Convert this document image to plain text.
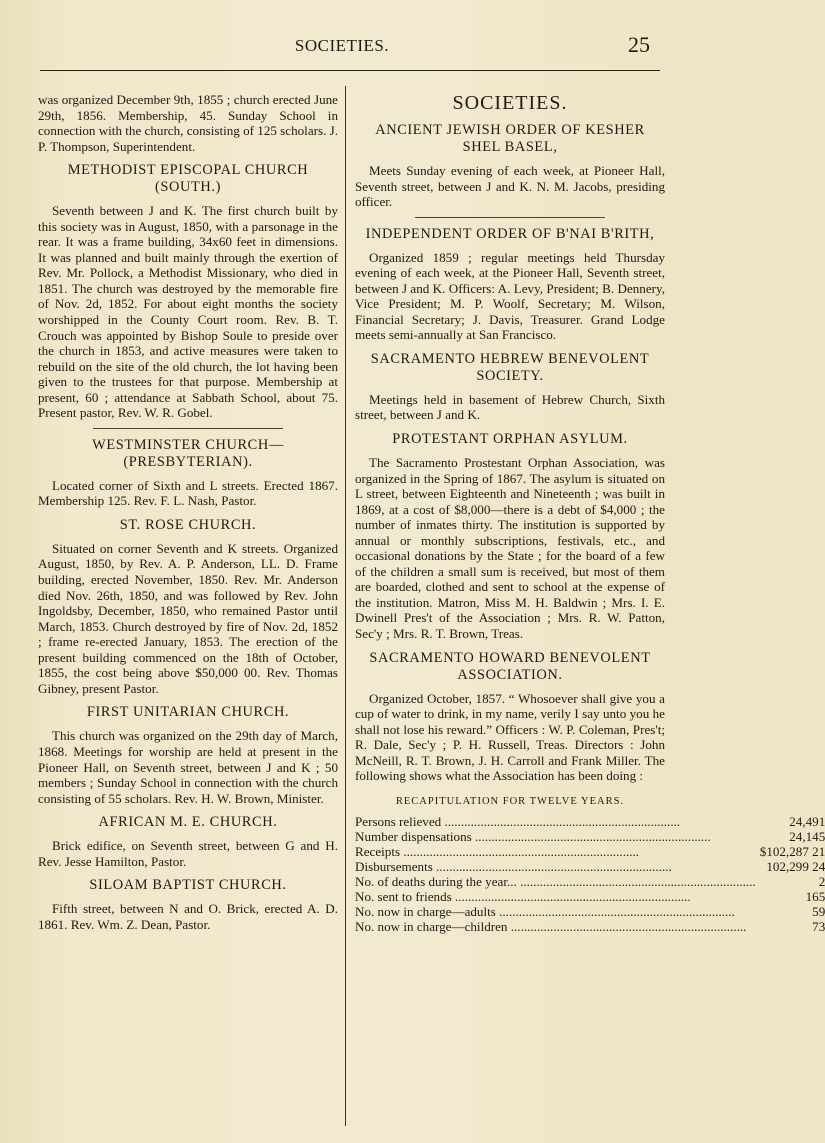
SOCIETIES.	25

was organized December 9th, 1855 ; church erected June 29th, 1856. Membership, 45. Sunday School in connection with the church, consisting of 125 scholars. J. P. Thompson, Superintendent.

METHODIST EPISCOPAL CHURCH (SOUTH.)

Seventh between J and K. The first church built by this society was in August, 1850, with a parsonage in the rear. It was a frame building, 34x60 feet in dimensions. It was planned and built mainly through the exertion of Rev. Mr. Pollock, a Methodist Missionary, who died in 1851. The church was destroyed by the memorable fire of Nov. 2d, 1852. For about eight months the society worshipped in the County Court room. Rev. B. T. Crouch was appointed by Bishop Soule to preside over the church in 1853, and active measures were taken to rebuild on the site of the old church, the lot having been given to the trustees for that purpose. Membership at present, 60 ; attendance at Sabbath School, about 75. Present pastor, Rev. W. R. Gobel.

WESTMINSTER CHURCH—(PRESBYTERIAN).

Located corner of Sixth and L streets. Erected 1867. Membership 125. Rev. F. L. Nash, Pastor.

ST. ROSE CHURCH.

Situated on corner Seventh and K streets. Organized August, 1850, by Rev. A. P. Anderson, LL. D. Frame building, erected November, 1850. Rev. Mr. Anderson died Nov. 26th, 1850, and was followed by Rev. John Ingoldsby, December, 1850, who remained Pastor until March, 1853. Church destroyed by fire of Nov. 2d, 1852 ; frame re-erected January, 1853. The erection of the present building commenced on the 18th of October, 1855, the cost being above $50,000 00. Rev. Thomas Gibney, present Pastor.

FIRST UNITARIAN CHURCH.

This church was organized on the 29th day of March, 1868. Meetings for worship are held at present in the Pioneer Hall, on Seventh street, between J and K ; 50 members ; Sunday School in connection with the church consisting of 55 scholars. Rev. H. W. Brown, Minister.

AFRICAN M. E. CHURCH.

Brick edifice, on Seventh street, between G and H. Rev. Jesse Hamilton, Pastor.

SILOAM BAPTIST CHURCH.

Fifth street, between N and O. Brick, erected A. D. 1861. Rev. Wm. Z. Dean, Pastor.

SOCIETIES.
ANCIENT JEWISH ORDER OF KESHER SHEL BASEL,

Meets Sunday evening of each week, at Pioneer Hall, Seventh street, between J and K. N. M. Jacobs, presiding officer.

INDEPENDENT ORDER OF B'NAI B'RITH,

Organized 1859 ; regular meetings held Thursday evening of each week, at the Pioneer Hall, Seventh street, between J and K. Officers: A. Levy, President; B. Dennery, Vice President; M. P. Woolf, Secretary; M. Wilson, Financial Secretary; J. Davis, Treasurer. Grand Lodge meets semi-annually at San Francisco.

SACRAMENTO HEBREW BENEVOLENT SOCIETY.

Meetings held in basement of Hebrew Church, Sixth street, between J and K.

PROTESTANT ORPHAN ASYLUM.

The Sacramento Prostestant Orphan Association, was organized in the Spring of 1867. The asylum is situated on L street, between Eighteenth and Nineteenth ; was built in 1869, at a cost of $8,000—there is a debt of $4,000 ; the number of inmates thirty. The institution is supported by annual or monthly subscriptions, festivals, etc., and occasional donations by the State ; for the board of a few of the children a small sum is received, but most of them are boarded, clothed and sent to school at the expense of the institution. Matron, Miss M. H. Baldwin ; Mrs. I. E. Dwinell Pres't of the Association ; Mrs. R. W. Patton, Sec'y ; Mrs. R. T. Brown, Treas.

SACRAMENTO HOWARD BENEVOLENT ASSOCIATION.

Organized October, 1857. “ Whosoever shall give you a cup of water to drink, in my name, verily I say unto you he shall not lose his reward.” Officers : W. P. Coleman, Pres't; R. Dale, Sec'y ; P. H. Russell, Treas. Directors : John McNeill, R. T. Brown, J. H. Carroll and Frank Miller. The following shows what the Association has been doing :

RECAPITULATION FOR TWELVE YEARS.
Persons relieved .....	24,491
Number dispensations .....	24,145
Receipts .....	$102,287 21
Disbursements .....	102,299 24
No. of deaths during the year... .....	2
No. sent to friends .....	165
No. now in charge—adults .....	59
No. now in charge—children .....	73
